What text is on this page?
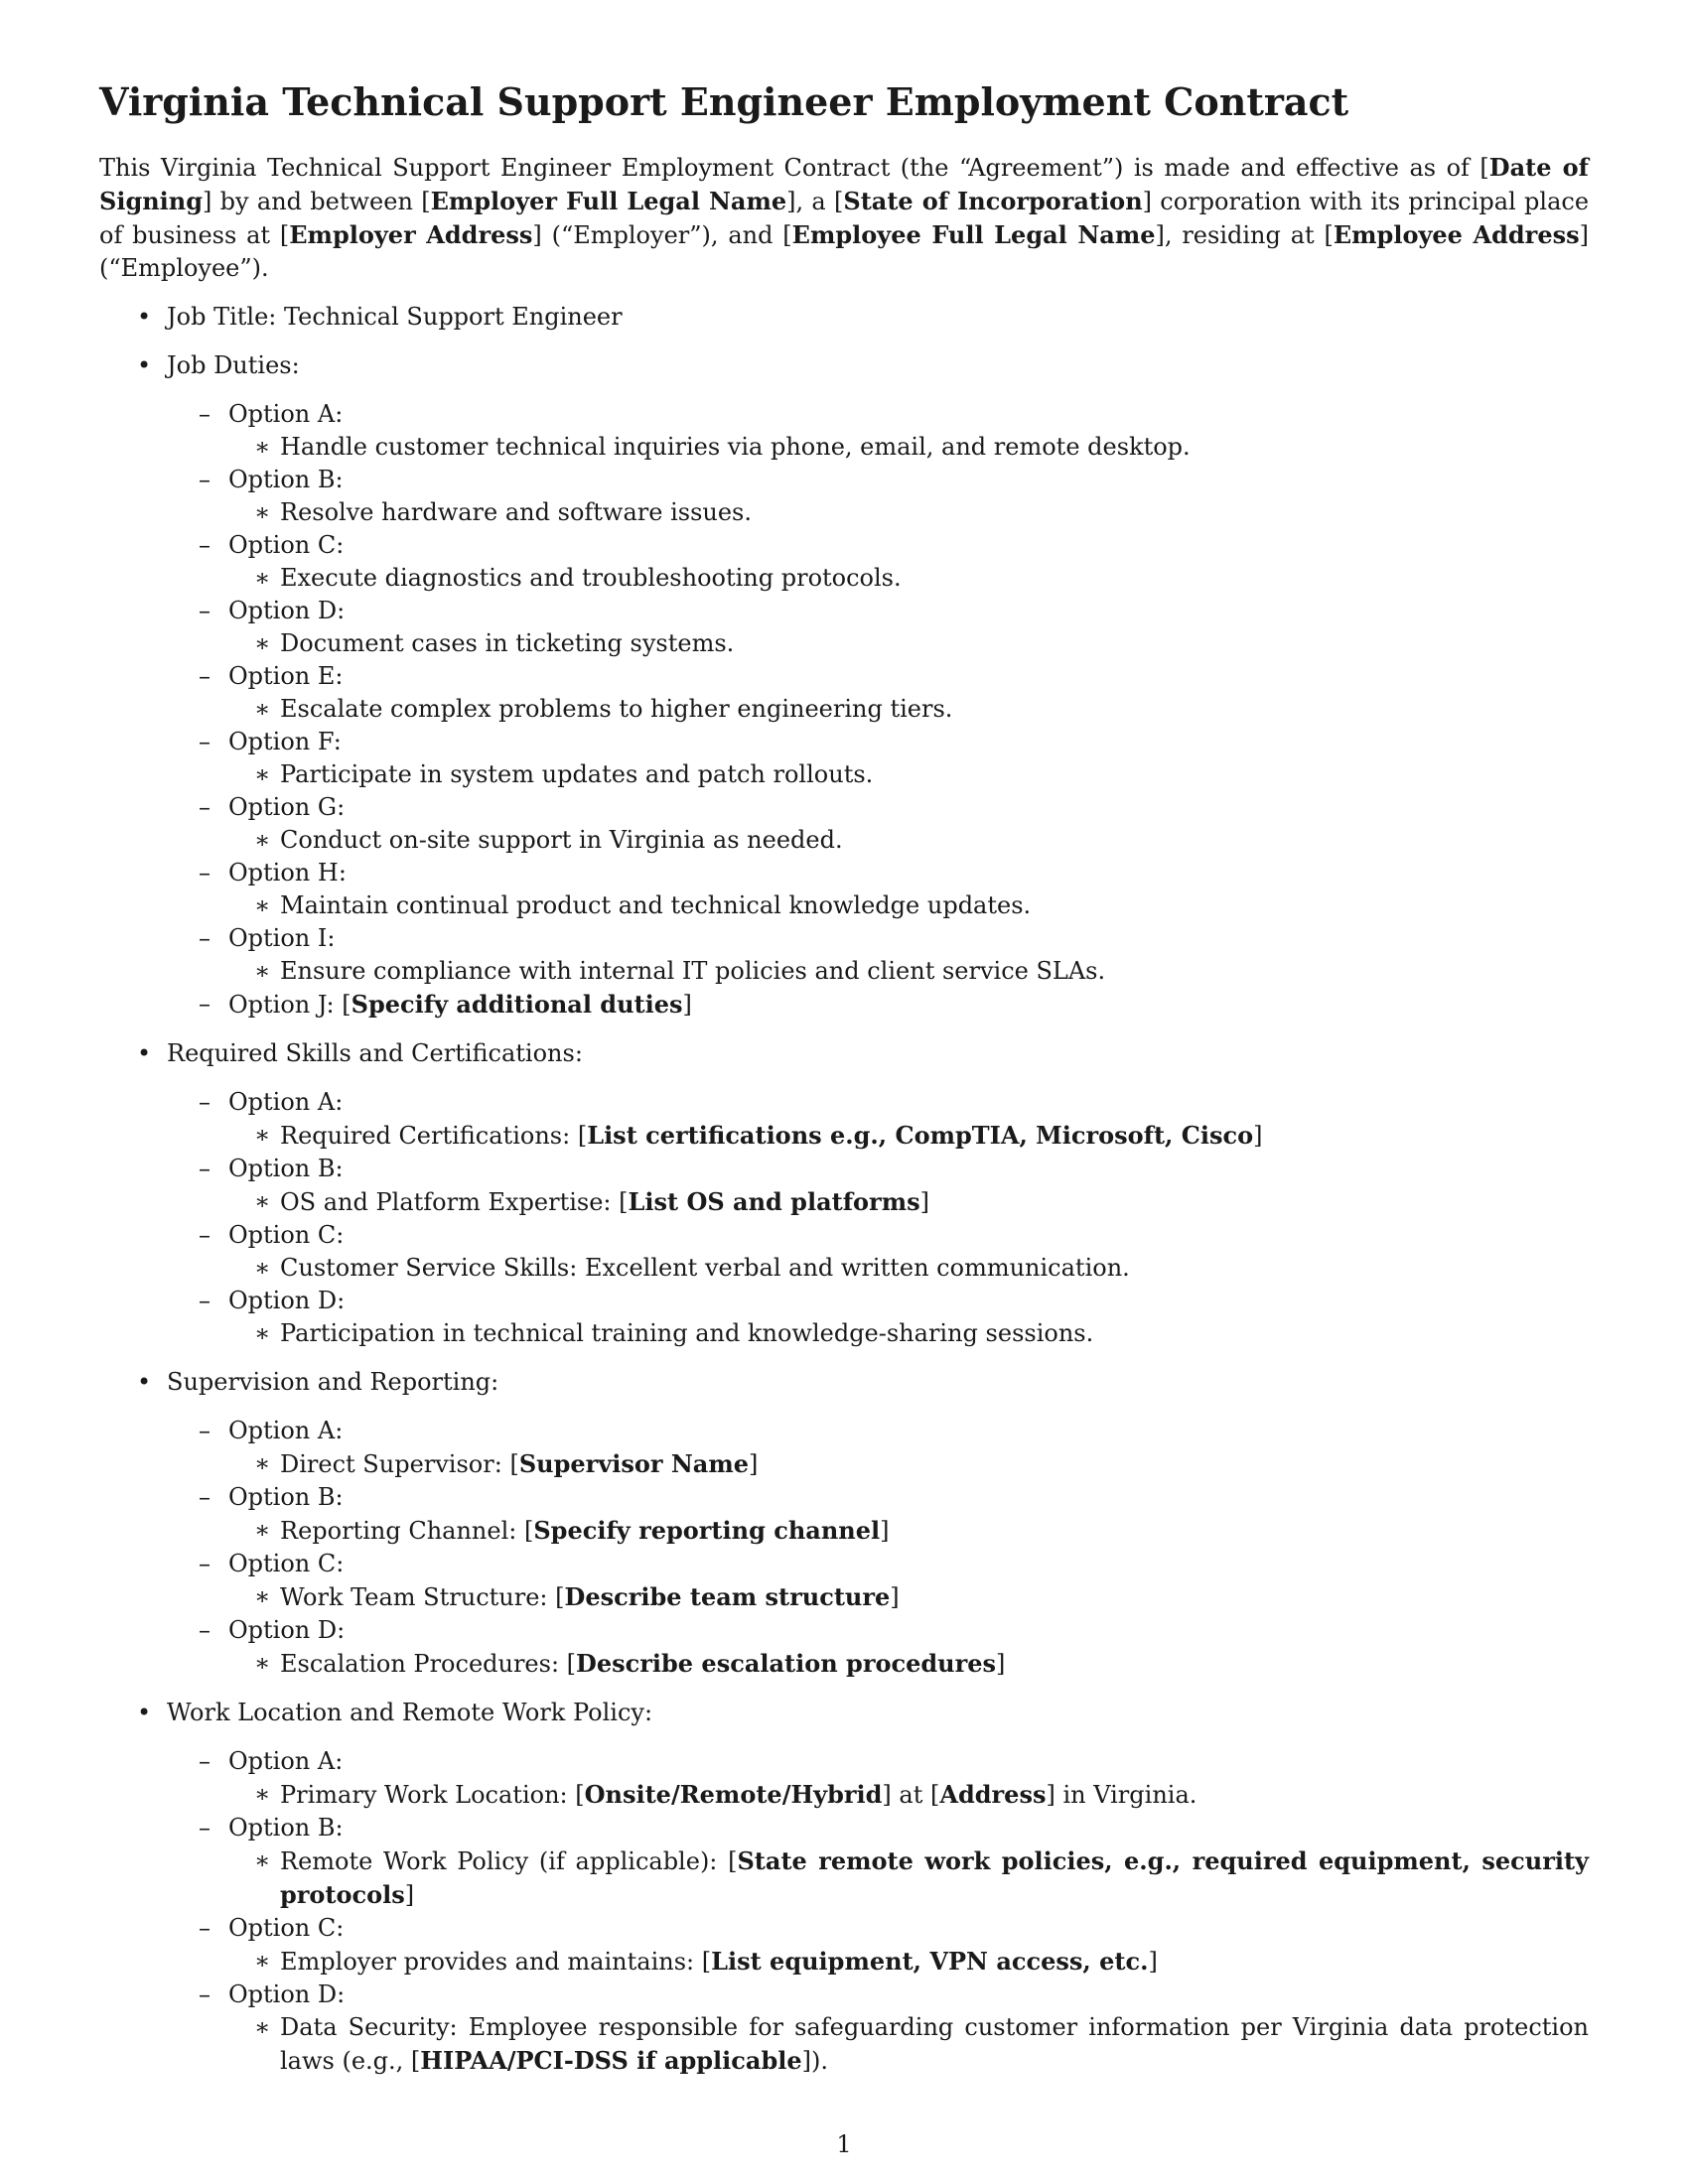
Virginia Technical Support Engineer Employment Contract

This Virginia Technical Support Engineer Employment Contract (the “Agreement”) is made and effective as of [Date of Signing] by and between [Employer Full Legal Name], a [State of Incorporation] corporation with its principal place of business at [Employer Address] (“Employer”), and [Employee Full Legal Name], residing at [Employee Address] (“Employee”).

• Job Title: Technical Support Engineer
• Job Duties:
– Option A:
∗ Handle customer technical inquiries via phone, email, and remote desktop.
– Option B:
∗ Resolve hardware and software issues.
– Option C:
∗ Execute diagnostics and troubleshooting protocols.
– Option D:
∗ Document cases in ticketing systems.
– Option E:
∗ Escalate complex problems to higher engineering tiers.
– Option F:
∗ Participate in system updates and patch rollouts.
– Option G:
∗ Conduct on-site support in Virginia as needed.
– Option H:
∗ Maintain continual product and technical knowledge updates.
– Option I:
∗ Ensure compliance with internal IT policies and client service SLAs.
– Option J: [Specify additional duties]
• Required Skills and Certifications:
– Option A:
∗ Required Certifications: [List certifications e.g., CompTIA, Microsoft, Cisco]
– Option B:
∗ OS and Platform Expertise: [List OS and platforms]
– Option C:
∗ Customer Service Skills: Excellent verbal and written communication.
– Option D:
∗ Participation in technical training and knowledge-sharing sessions.
• Supervision and Reporting:
– Option A:
∗ Direct Supervisor: [Supervisor Name]
– Option B:
∗ Reporting Channel: [Specify reporting channel]
– Option C:
∗ Work Team Structure: [Describe team structure]
– Option D:
∗ Escalation Procedures: [Describe escalation procedures]
• Work Location and Remote Work Policy:
– Option A:
∗ Primary Work Location: [Onsite/Remote/Hybrid] at [Address] in Virginia.
– Option B:
∗ Remote Work Policy (if applicable): [State remote work policies, e.g., required equipment, security protocols]
– Option C:
∗ Employer provides and maintains: [List equipment, VPN access, etc.]
– Option D:
∗ Data Security: Employee responsible for safeguarding customer information per Virginia data protection laws (e.g., [HIPAA/PCI-DSS if applicable]).
1
